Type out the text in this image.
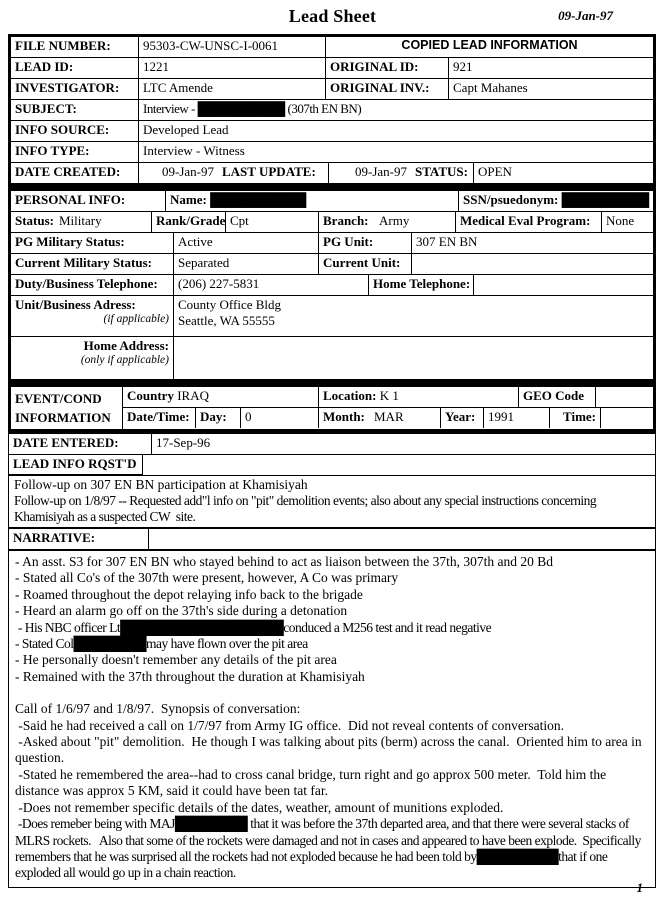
Lead Sheet	09-Jan-97
FILE NUMBER:	95303-CW-UNSC-I-0061	COPIED LEAD INFORMATION
LEAD ID:	1221	ORIGINAL ID:	921
INVESTIGATOR:	LTC Amende	ORIGINAL INV.:	Capt Mahanes
SUBJECT:	Interview - ██████████ (307th EN BN)
INFO SOURCE:	Developed Lead
INFO TYPE:	Interview - Witness
DATE CREATED:	09-Jan-97 LAST UPDATE:	09-Jan-97 STATUS: OPEN
PERSONAL INFO:	Name: ███████████	SSN/psuedonym: ██████████
Status: Military	Rank/Grade Cpt	Branch: Army	Medical Eval Program:	None
PG Military Status:	Active	PG Unit:	307 EN BN
Current Military Status:	Separated	Current Unit:
Duty/Business Telephone:	(206) 227-5831	Home Telephone:
Unit/Business Adress:
(if applicable)
County Office Bldg
Seattle, WA 55555
Home Address:
(only if applicable)
EVENT/COND
INFORMATION
Country IRAQ	Location: K 1	GEO Code
Date/Time: Day:	0	Month: MAR	Year: 1991	Time:
DATE ENTERED:	17-Sep-96
LEAD INFO RQST'D
Follow-up on 307 EN BN participation at Khamisiyah
Follow-up on 1/8/97 -- Requested add"l info on "pit" demolition events; also about any special instructions concerning Khamisiyah as a suspected CW  site.
NARRATIVE:
- An asst. S3 for 307 EN BN who stayed behind to act as liaison between the 37th, 307th and 20 Bd
- Stated all Co's of the 307th were present, however, A Co was primary
- Roamed throughout the depot relaying info back to the brigade
- Heard an alarm go off on the 37th's side during a detonation
- His NBC officer Lt██████████████████conduced a M256 test and it read negative
- Stated Col████████may have flown over the pit area
- He personally doesn't remember any details of the pit area
- Remained with the 37th throughout the duration at Khamisiyah
Call of 1/6/97 and 1/8/97.  Synopsis of conversation:
-Said he had received a call on 1/7/97 from Army IG office.  Did not reveal contents of conversation.
-Asked about "pit" demolition.  He though I was talking about pits (berm) across the canal.  Oriented him to area in question.
-Stated he remembered the area--had to cross canal bridge, turn right and go approx 500 meter.  Told him the distance was approx 5 KM, said it could have been tat far.
-Does not remember specific details of the dates, weather, amount of munitions exploded.
-Does remeber being with MAJ████████ that it was before the 37th departed area, and that there were several stacks of MLRS rockets.   Also that some of the rockets were damaged and not in cases and appeared to have been explode.  Specifically remembers that he was surprised all the rockets had not exploded because he had been told by█████████that if one exploded all would go up in a chain reaction.
1
